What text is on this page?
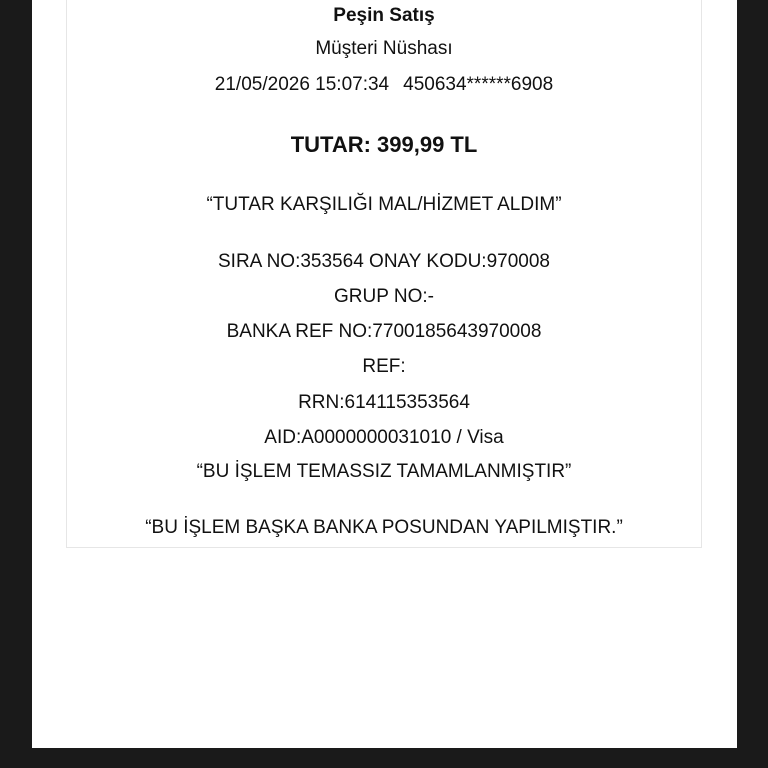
Peşin Satış
Müşteri Nüshası
21/05/2026 15:07:34 450634******6908
TUTAR: 399,99 TL
“TUTAR KARŞILIĞI MAL/HİZMET ALDIM”
SIRA NO:353564 ONAY KODU:970008
GRUP NO:-
BANKA REF NO:7700185643970008
REF:
RRN:614115353564
AID:A0000000031010 / Visa
“BU İŞLEM TEMASSIZ TAMAMLANMIŞTIR”
“BU İŞLEM BAŞKA BANKA POSUNDAN YAPILMIŞTIR.”
